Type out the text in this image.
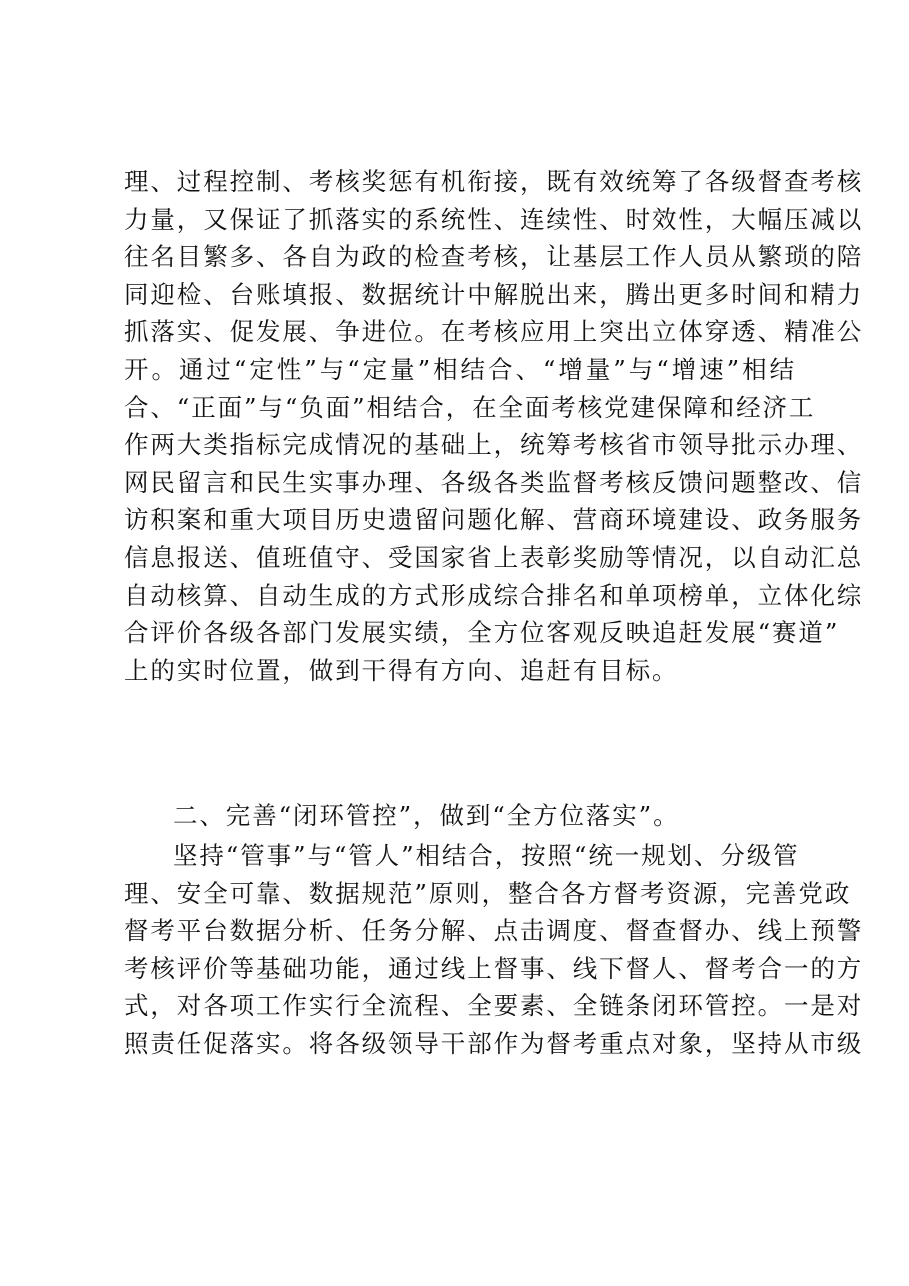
理、过程控制、考核奖惩有机衔接，既有效统筹了各级督查考核
力量，又保证了抓落实的系统性、连续性、时效性，大幅压减以
往名目繁多、各自为政的检查考核，让基层工作人员从繁琐的陪
同迎检、台账填报、数据统计中解脱出来，腾出更多时间和精力
抓落实、促发展、争进位。在考核应用上突出立体穿透、精准公
开。通过“定性”与“定量”相结合、“增量”与“增速”相结
合、“正面”与“负面”相结合，在全面考核党建保障和经济工
作两大类指标完成情况的基础上，统筹考核省市领导批示办理、
网民留言和民生实事办理、各级各类监督考核反馈问题整改、信
访积案和重大项目历史遗留问题化解、营商环境建设、政务服务
信息报送、值班值守、受国家省上表彰奖励等情况，以自动汇总
自动核算、自动生成的方式形成综合排名和单项榜单，立体化综
合评价各级各部门发展实绩，全方位客观反映追赶发展“赛道”
上的实时位置，做到干得有方向、追赶有目标。
二、完善“闭环管控”，做到“全方位落实”。
坚持“管事”与“管人”相结合，按照“统一规划、分级管
理、安全可靠、数据规范”原则，整合各方督考资源，完善党政
督考平台数据分析、任务分解、点击调度、督查督办、线上预警
考核评价等基础功能，通过线上督事、线下督人、督考合一的方
式，对各项工作实行全流程、全要素、全链条闭环管控。一是对
照责任促落实。将各级领导干部作为督考重点对象，坚持从市级
